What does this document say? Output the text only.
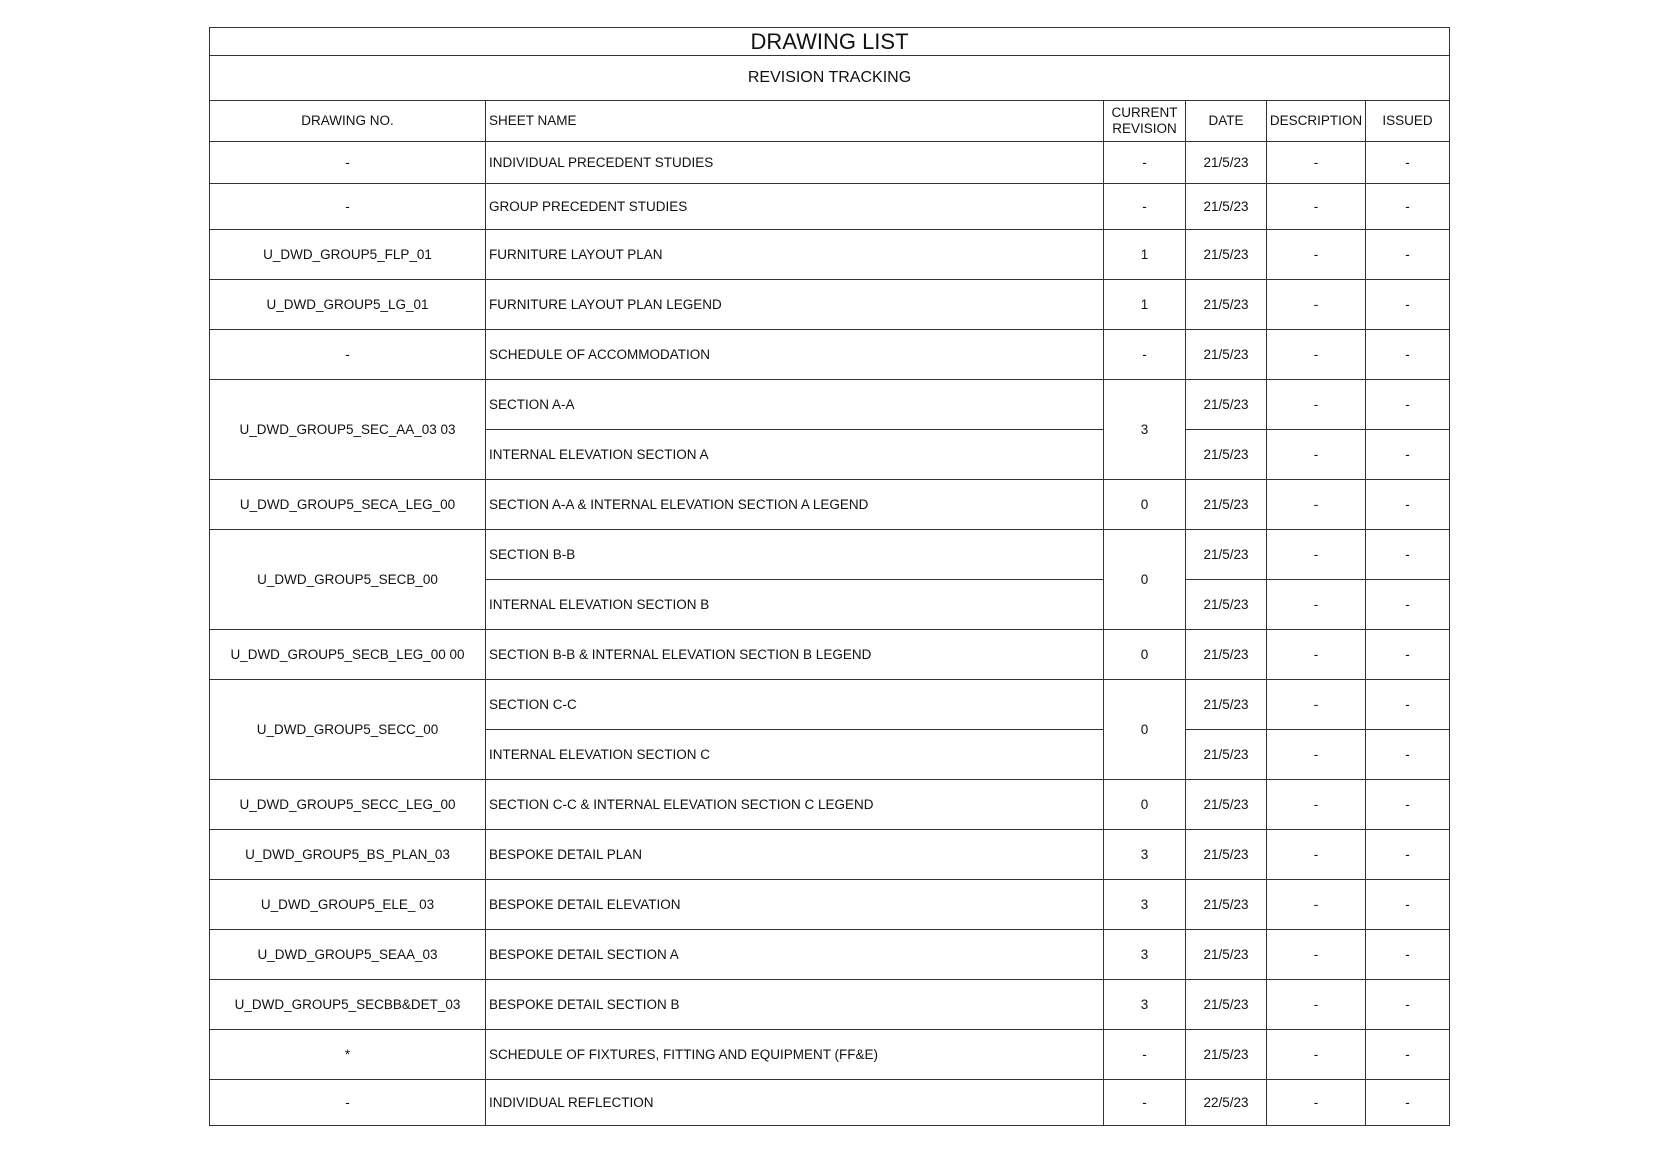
DRAWING LIST					
REVISION TRACKING					
DRAWING NO.	SHEET NAME	CURRENT REVISION	DATE	DESCRIPTION	ISSUED
-	INDIVIDUAL PRECEDENT STUDIES	-	21/5/23	-	-
-	GROUP PRECEDENT STUDIES	-	21/5/23	-	-
U_DWD_GROUP5_FLP_01	FURNITURE LAYOUT PLAN	1	21/5/23	-	-
U_DWD_GROUP5_LG_01	FURNITURE LAYOUT PLAN LEGEND	1	21/5/23	-	-
-	SCHEDULE OF ACCOMMODATION	-	21/5/23	-	-
U_DWD_GROUP5_SEC_AA_03 03	SECTION A-A	3	21/5/23	-	-
	INTERNAL ELEVATION SECTION A		21/5/23	-	-
U_DWD_GROUP5_SECA_LEG_00	SECTION A-A & INTERNAL ELEVATION SECTION A LEGEND	0	21/5/23	-	-
U_DWD_GROUP5_SECB_00	SECTION B-B	0	21/5/23	-	-
	INTERNAL ELEVATION SECTION B		21/5/23	-	-
U_DWD_GROUP5_SECB_LEG_00 00	SECTION B-B & INTERNAL ELEVATION SECTION B LEGEND	0	21/5/23	-	-
U_DWD_GROUP5_SECC_00	SECTION C-C	0	21/5/23	-	-
	INTERNAL ELEVATION SECTION C		21/5/23	-	-
U_DWD_GROUP5_SECC_LEG_00	SECTION C-C & INTERNAL ELEVATION SECTION C LEGEND	0	21/5/23	-	-
U_DWD_GROUP5_BS_PLAN_03	BESPOKE DETAIL PLAN	3	21/5/23	-	-
U_DWD_GROUP5_ELE_ 03	BESPOKE DETAIL ELEVATION	3	21/5/23	-	-
U_DWD_GROUP5_SEAA_03	BESPOKE DETAIL SECTION A	3	21/5/23	-	-
U_DWD_GROUP5_SECBB&DET_03	BESPOKE DETAIL SECTION B	3	21/5/23	-	-
*	SCHEDULE OF FIXTURES, FITTING AND EQUIPMENT (FF&E)	-	21/5/23	-	-
-	INDIVIDUAL REFLECTION	-	22/5/23	-	-
